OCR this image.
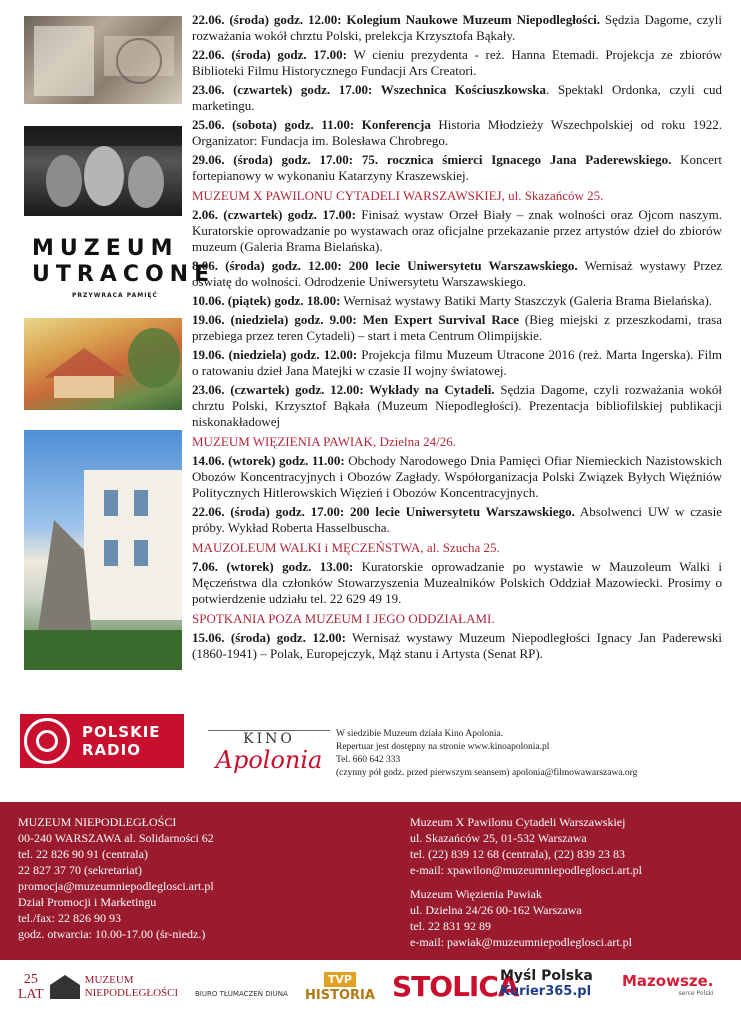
MUZEUM
UTRACONE
PRZYWRACA PAMIĘĆ
22.06. (środa) godz. 12.00: Kolegium Naukowe Muzeum Niepodległości. Sędzia Dagome, czyli rozważania wokół chrztu Polski, prelekcja Krzysztofa Bąkały.
22.06. (środa) godz. 17.00: W cieniu prezydenta - reż. Hanna Etemadi. Projekcja ze zbiorów Biblioteki Filmu Historycznego Fundacji Ars Creatori.
23.06. (czwartek) godz. 17.00: Wszechnica Kościuszkowska. Spektakl Ordonka, czyli cud marketingu.
25.06. (sobota) godz. 11.00: Konferencja Historia Młodzieży Wszechpolskiej od roku 1922. Organizator: Fundacja im. Bolesława Chrobrego.
29.06. (środa) godz. 17.00: 75. rocznica śmierci Ignacego Jana Paderewskiego. Koncert fortepianowy w wykonaniu Katarzyny Kraszewskiej.
MUZEUM X PAWILONU CYTADELI WARSZAWSKIEJ, ul. Skazańców 25.
2.06. (czwartek) godz. 17.00: Finisaż wystaw Orzeł Biały – znak wolności oraz Ojcom naszym. Kuratorskie oprowadzanie po wystawach oraz oficjalne przekazanie przez artystów dzieł do zbiorów muzeum (Galeria Brama Bielańska).
8.06. (środa) godz. 12.00: 200 lecie Uniwersytetu Warszawskiego. Wernisaż wystawy Przez oświatę do wolności. Odrodzenie Uniwersytetu Warszawskiego.
10.06. (piątek) godz. 18.00: Wernisaż wystawy Batiki Marty Staszczyk (Galeria Brama Bielańska).
19.06. (niedziela) godz. 9.00: Men Expert Survival Race (Bieg miejski z przeszkodami, trasa przebiega przez teren Cytadeli) – start i meta Centrum Olimpijskie.
19.06. (niedziela) godz. 12.00: Projekcja filmu Muzeum Utracone 2016 (reż. Marta Ingerska). Film o ratowaniu dzieł Jana Matejki w czasie II wojny światowej.
23.06. (czwartek) godz. 12.00: Wykłady na Cytadeli. Sędzia Dagome, czyli rozważania wokół chrztu Polski, Krzysztof Bąkała (Muzeum Niepodległości). Prezentacja bibliofilskiej publikacji niskonakładowej
MUZEUM WIĘZIENIA PAWIAK, Dzielna 24/26.
14.06. (wtorek) godz. 11.00: Obchody Narodowego Dnia Pamięci Ofiar Niemieckich Nazistowskich Obozów Koncentracyjnych i Obozów Zagłady. Współorganizacja Polski Związek Byłych Więźniów Politycznych Hitlerowskich Więzień i Obozów Koncentracyjnych.
22.06. (środa) godz. 17.00: 200 lecie Uniwersytetu Warszawskiego. Absolwenci UW w czasie próby. Wykład Roberta Hasselbuscha.
MAUZOLEUM WALKI i MĘCZEŃSTWA, al. Szucha 25.
7.06. (wtorek) godz. 13.00: Kuratorskie oprowadzanie po wystawie w Mauzoleum Walki i Męczeństwa dla członków Stowarzyszenia Muzealników Polskich Oddział Mazowiecki. Prosimy o potwierdzenie udziału tel. 22 629 49 19.
SPOTKANIA POZA MUZEUM I JEGO ODDZIAŁAMI.
15.06. (środa) godz. 12.00: Wernisaż wystawy Muzeum Niepodległości Ignacy Jan Paderewski (1860-1941) – Polak, Europejczyk, Mąż stanu i Artysta (Senat RP).
POLSKIE
RADIO
KINO
Apolonia
W siedzibie Muzeum działa Kino Apolonia.
Repertuar jest dostępny na stronie www.kinoapolonia.pl
Tel. 660 642 333
(czynny pół godz. przed pierwszym seansem) apolonia@filmowawarszawa.org
MUZEUM NIEPODLEGŁOŚCI
00-240 WARSZAWA al. Solidarności 62
tel. 22 826 90 91 (centrala)
22 827 37 70 (sekretariat)
promocja@muzeumniepodleglosci.art.pl
Dział Promocji i Marketingu
tel./fax: 22 826 90 93
godz. otwarcia: 10.00-17.00 (śr-niedz.)
Muzeum X Pawilonu Cytadeli Warszawskiej
ul. Skazańców 25, 01-532 Warszawa
tel. (22) 839 12 68 (centrala), (22) 839 23 83
e-mail: xpawilon@muzeumniepodleglosci.art.pl
Muzeum Więzienia Pawiak
ul. Dzielna 24/26 00-162 Warszawa
tel. 22 831 92 89
e-mail: pawiak@muzeumniepodleglosci.art.pl
25
LAT
MUZEUM
NIEPODLEGŁOŚCI BIURO TŁUMACZEŃ DIUNA
TVP
HISTORIA STOLICA
Myśl Polska
Kurier365.pl
Mazowsze.
serce Polski
